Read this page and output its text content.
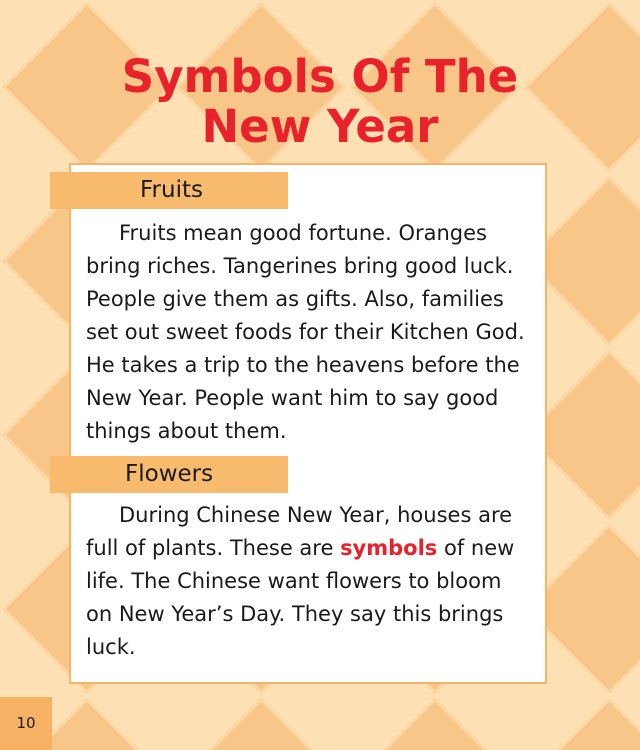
Symbols Of The
New Year
Fruits

Fruits mean good fortune. Oranges bring riches. Tangerines bring good luck. People give them as gifts. Also, families set out sweet foods for their Kitchen God. He takes a trip to the heavens before the New Year. People want him to say good things about them.

Flowers

During Chinese New Year, houses are full of plants. These are symbols of new life. The Chinese want flowers to bloom on New Year’s Day. They say this brings luck.

10
